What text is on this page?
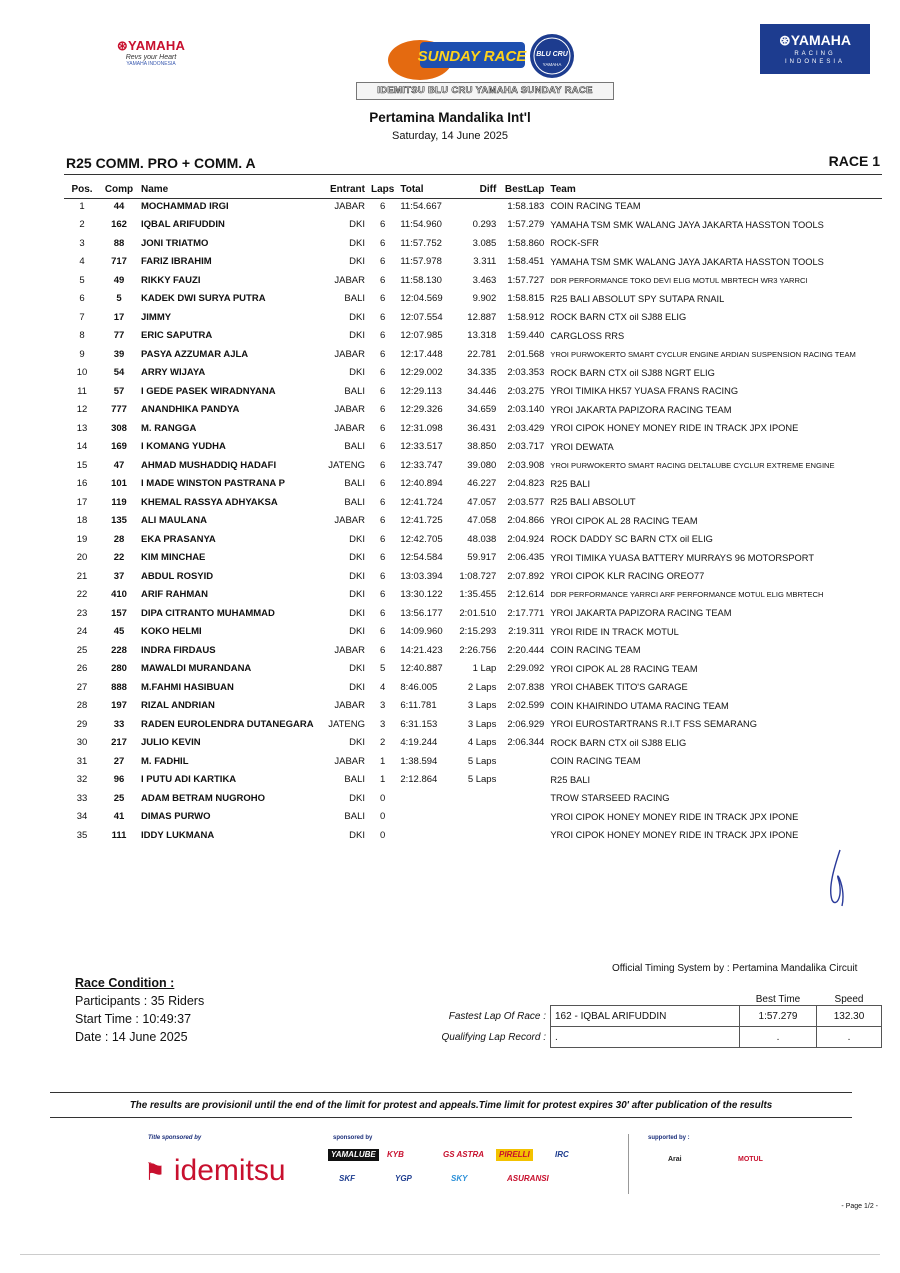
⊛YAMAHA
Revs your Heart
YAMAHA INDONESIA	SUNDAY RACE BLU CRU
YAMAHA
⊛YAMAHA
RACING
INDONESIA
IDEMITSU BLU CRU YAMAHA SUNDAY RACE
Pertamina Mandalika Int'l
Saturday, 14 June 2025
R25 COMM. PRO + COMM. A	RACE 1
Pos.	Comp	Name	Entrant	Laps	Total	Diff	BestLap	Team
1	44	MOCHAMMAD IRGI	JABAR	6	11:54.667		1:58.183	COIN RACING TEAM
2	162	IQBAL ARIFUDDIN	DKI	6	11:54.960	0.293	1:57.279	YAMAHA TSM SMK WALANG JAYA JAKARTA HASSTON TOOLS
3	88	JONI TRIATMO	DKI	6	11:57.752	3.085	1:58.860	ROCK-SFR
4	717	FARIZ IBRAHIM	DKI	6	11:57.978	3.311	1:58.451	YAMAHA TSM SMK WALANG JAYA JAKARTA HASSTON TOOLS
5	49	RIKKY FAUZI	JABAR	6	11:58.130	3.463	1:57.727	DDR PERFORMANCE TOKO DEVI ELIG MOTUL MBRTECH WR3 YARRCI
6	5	KADEK DWI SURYA PUTRA	BALI	6	12:04.569	9.902	1:58.815	R25 BALI ABSOLUT SPY SUTAPA RNAIL
7	17	JIMMY	DKI	6	12:07.554	12.887	1:58.912	ROCK BARN CTX oil SJ88 ELIG
8	77	ERIC SAPUTRA	DKI	6	12:07.985	13.318	1:59.440	CARGLOSS RRS
9	39	PASYA AZZUMAR AJLA	JABAR	6	12:17.448	22.781	2:01.568	YROI PURWOKERTO SMART CYCLUR ENGINE ARDIAN SUSPENSION RACING TEAM
10	54	ARRY WIJAYA	DKI	6	12:29.002	34.335	2:03.353	ROCK BARN CTX oil SJ88 NGRT ELIG
11	57	I GEDE PASEK WIRADNYANA	BALI	6	12:29.113	34.446	2:03.275	YROI TIMIKA HK57 YUASA FRANS RACING
12	777	ANANDHIKA PANDYA	JABAR	6	12:29.326	34.659	2:03.140	YROI JAKARTA PAPIZORA RACING TEAM
13	308	M. RANGGA	JABAR	6	12:31.098	36.431	2:03.429	YROI CIPOK HONEY MONEY RIDE IN TRACK JPX IPONE
14	169	I KOMANG YUDHA	BALI	6	12:33.517	38.850	2:03.717	YROI DEWATA
15	47	AHMAD MUSHADDIQ HADAFI	JATENG	6	12:33.747	39.080	2:03.908	YROI PURWOKERTO SMART RACING DELTALUBE CYCLUR EXTREME ENGINE
16	101	I MADE WINSTON PASTRANA P	BALI	6	12:40.894	46.227	2:04.823	R25 BALI
17	119	KHEMAL RASSYA ADHYAKSA	BALI	6	12:41.724	47.057	2:03.577	R25 BALI ABSOLUT
18	135	ALI MAULANA	JABAR	6	12:41.725	47.058	2:04.866	YROI CIPOK AL 28 RACING TEAM
19	28	EKA PRASANYA	DKI	6	12:42.705	48.038	2:04.924	ROCK DADDY SC BARN CTX oil ELIG
20	22	KIM MINCHAE	DKI	6	12:54.584	59.917	2:06.435	YROI TIMIKA YUASA BATTERY MURRAYS 96 MOTORSPORT
21	37	ABDUL ROSYID	DKI	6	13:03.394	1:08.727	2:07.892	YROI CIPOK KLR RACING OREO77
22	410	ARIF RAHMAN	DKI	6	13:30.122	1:35.455	2:12.614	DDR PERFORMANCE YARRCI ARF PERFORMANCE MOTUL ELIG MBRTECH
23	157	DIPA CITRANTO MUHAMMAD	DKI	6	13:56.177	2:01.510	2:17.771	YROI JAKARTA PAPIZORA RACING TEAM
24	45	KOKO HELMI	DKI	6	14:09.960	2:15.293	2:19.311	YROI RIDE IN TRACK MOTUL
25	228	INDRA FIRDAUS	JABAR	6	14:21.423	2:26.756	2:20.444	COIN RACING TEAM
26	280	MAWALDI MURANDANA	DKI	5	12:40.887	1 Lap	2:29.092	YROI CIPOK AL 28 RACING TEAM
27	888	M.FAHMI HASIBUAN	DKI	4	8:46.005	2 Laps	2:07.838	YROI CHABEK TITO'S GARAGE
28	197	RIZAL ANDRIAN	JABAR	3	6:11.781	3 Laps	2:02.599	COIN KHAIRINDO UTAMA RACING TEAM
29	33	RADEN EUROLENDRA DUTANEGARA	JATENG	3	6:31.153	3 Laps	2:06.929	YROI EUROSTARTRANS R.I.T FSS SEMARANG
30	217	JULIO KEVIN	DKI	2	4:19.244	4 Laps	2:06.344	ROCK BARN CTX oil SJ88 ELIG
31	27	M. FADHIL	JABAR	1	1:38.594	5 Laps		COIN RACING TEAM
32	96	I PUTU ADI KARTIKA	BALI	1	2:12.864	5 Laps		R25 BALI
33	25	ADAM BETRAM NUGROHO	DKI	0				TROW STARSEED RACING
34	41	DIMAS PURWO	BALI	0				YROI CIPOK HONEY MONEY RIDE IN TRACK JPX IPONE
35	111	IDDY LUKMANA	DKI	0				YROI CIPOK HONEY MONEY RIDE IN TRACK JPX IPONE
Race Condition :
Participants : 35 Riders
Start Time : 10:49:37
Date : 14 June 2025
Official Timing System by : Pertamina Mandalika Circuit
		Best Time	Speed
Fastest Lap Of Race :	162 - IQBAL ARIFUDDIN	1:57.279	132.30
Qualifying Lap Record :	.	.	.
The results are provisionil until the end of the limit for protest and appeals.Time limit for protest expires 30' after publication of the results
Title sponsored by
⚑ idemitsu
sponsored by
YAMALUBE	KYB	GS ASTRA	PIRELLI	IRC
SKF	YGP	SKY	ASURANSI
supported by :
Arai	MOTUL
- Page 1/2 -
